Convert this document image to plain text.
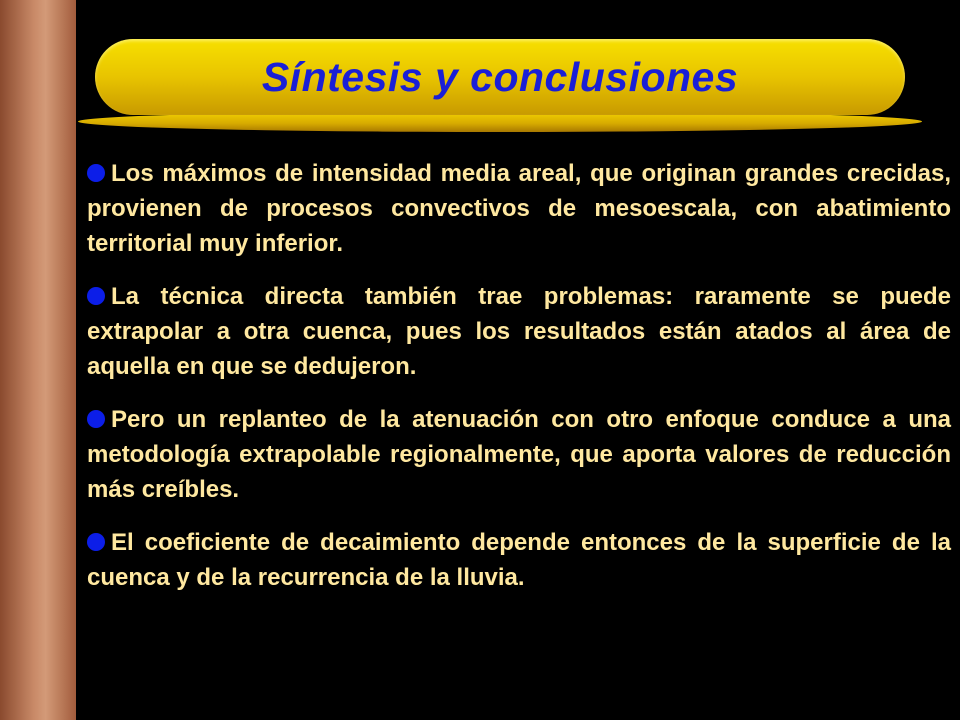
Síntesis y conclusiones
Los máximos de intensidad media areal, que originan grandes crecidas, provienen de procesos convectivos de mesoescala, con abatimiento territorial muy inferior.
La técnica directa también trae problemas: raramente se puede extrapolar a otra cuenca, pues los resultados están atados al área de aquella en que se dedujeron.
Pero un replanteo de la atenuación con otro enfoque conduce a una metodología extrapolable regionalmente, que aporta valores de reducción más creíbles.
El coeficiente de decaimiento depende entonces de la superficie de la cuenca y de la recurrencia de la lluvia.
